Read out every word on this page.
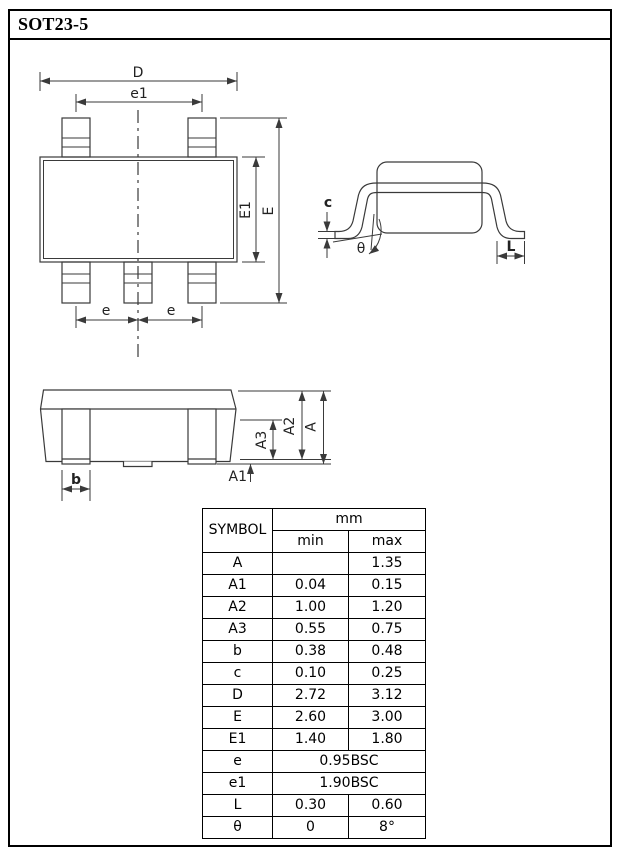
SOT23-5
D
e1
E1 E
e	e
c
θ	L
b
A3
A2 A
A1
SYMBOL	mm	
	min	max
A		1.35
A1	0.04	0.15
A2	1.00	1.20
A3	0.55	0.75
b	0.38	0.48
c	0.10	0.25
D	2.72	3.12
E	2.60	3.00
E1	1.40	1.80
e	0.95BSC	
e1	1.90BSC	
L	0.30	0.60
θ	0	8°
